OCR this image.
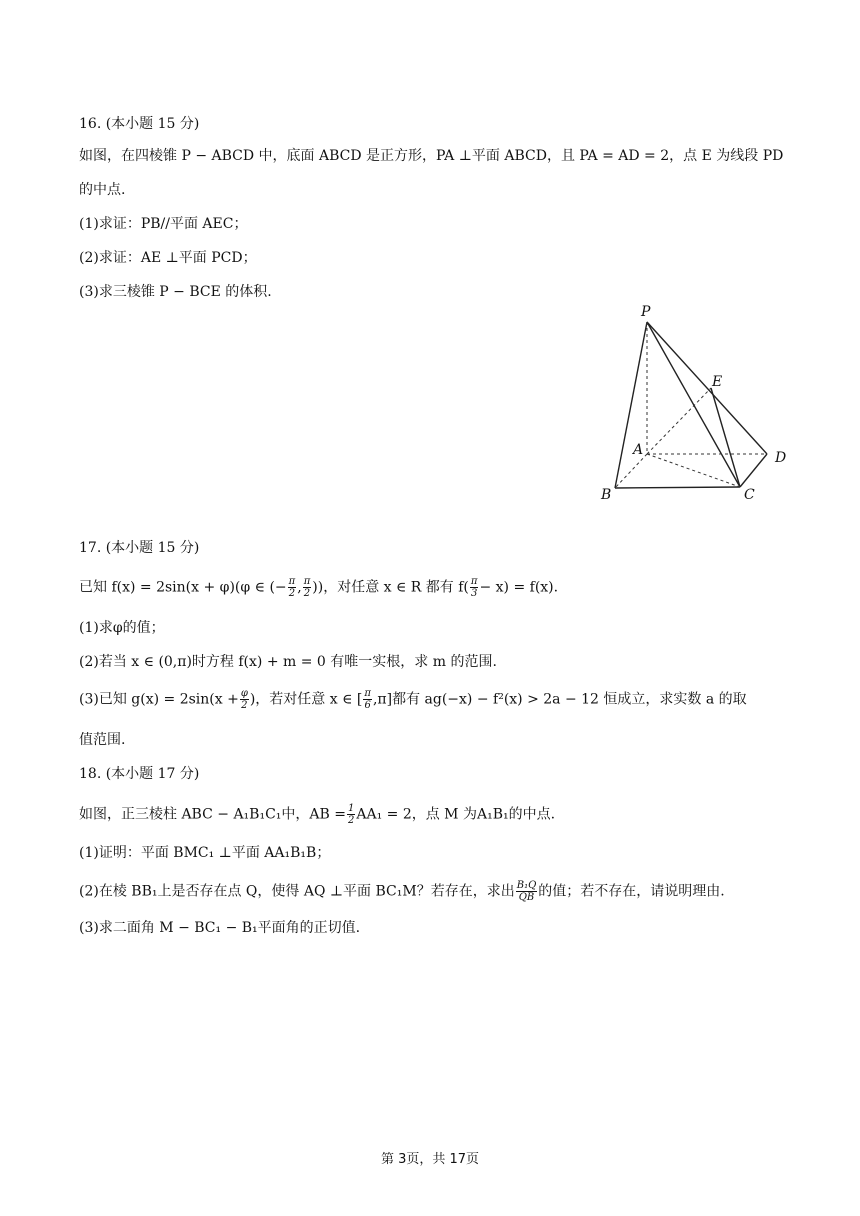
16. (本小题 15 分)
如图，在四棱锥 P − ABCD 中，底面 ABCD 是正方形，PA ⊥平面 ABCD，且 PA = AD = 2，点 E 为线段 PD
的中点.
(1)求证：PB//平面 AEC；
(2)求证：AE ⊥平面 PCD；
(3)求三棱锥 P − BCE 的体积.
P
E
A	D
B	C
17. (本小题 15 分)
已知 f(x) = 2sin(x + φ)(φ ∈ (− $\frac{\pi}{2}$ , $\frac{\pi}{2}$ ))，对任意 x ∈ R 都有 $f( \frac{\pi}{3} - x) = f(x)$.
(1)求φ的值；
(2)若当 x ∈ (0,π)时方程 f(x) + m = 0 有唯一实根，求 m 的范围.
(3)已知 $g(x) = 2\sin(x + \frac{\varphi}{2}$ )，若对任意 x ∈ [ $\frac{\pi}{6} ,\pi$]都有 ag(−x) − f²(x) > 2a − 12 恒成立，求实数 a 的取
值范围.
18. (本小题 17 分)
如图，正三棱柱 ABC − A₁B₁C₁中，AB = $\frac{1}{2} AA_1 = 2$，点 M 为A₁B₁的中点.
(1)证明：平面 BMC₁ ⊥平面 AA₁B₁B；
(2)在棱 BB₁上是否存在点 Q，使得 AQ ⊥平面 BC₁M？若存在，求出 $\frac{\text{B₁Q}}{QB}$ 的值；若不存在，请说明理由.
(3)求二面角 M − BC₁ − B₁平面角的正切值.
第 3页，共 17页
